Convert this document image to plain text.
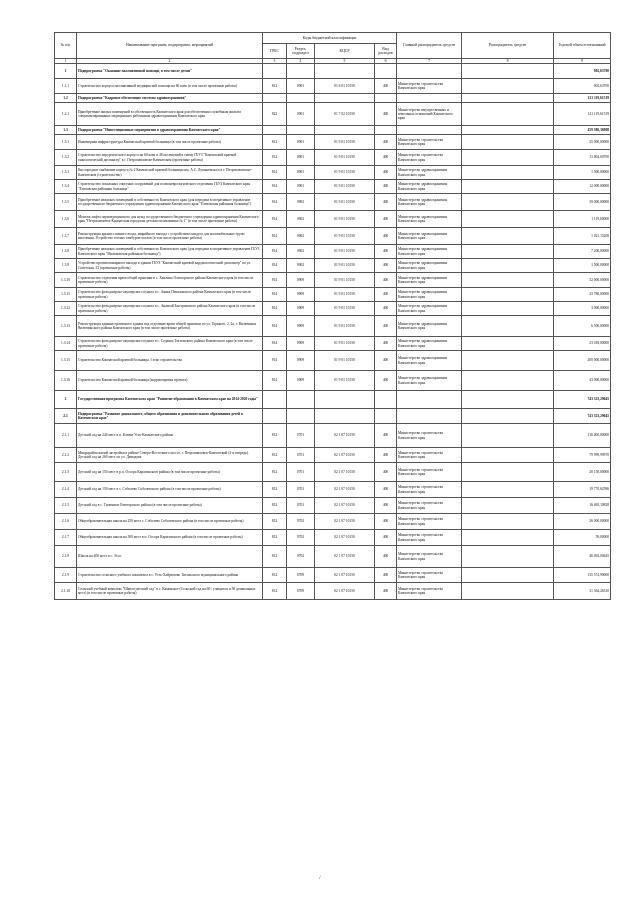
№ п/п	Наименование программ, подпрограмм, мероприятий	Коды бюджетной классификации				Главный распорядитель средств	Распорядитель средств	Годовой объем ассигнований
		ГРБС	Раздел, подраздел	КЦСР	Вид расходов			
1	2	3	4	5	6	7	8	9
1	Подпрограмма "Оказание паллиативной помощи, в том числе детям"							902,63700
1.1.1	Строительство корпуса паллиативной медицинской помощи на 60 коек (в том числе проектные работы)	812	0901	01 6 01 10150	400	Министерство строительства Камчатского края		902,63700
1.2	Подпрограмма "Кадровое обеспечение системы здравоохранения"							121 119,61519
1.2.1	Приобретение жилых помещений в собственность Камчатского края для обеспечения служебным жильем специализированных медицинских работников здравоохранения Камчатского края	822	0901	01 7 02 10150	400	Министерство имущественных и земельных отношений Камчатского края		121 119,61519
1.3	Подпрограмма "Инвестиционные мероприятия в здравоохранении Камчатского края"							459 386,36908
1.3.1	Инженерная инфраструктура Камчатской краевой больницы (в том числе проектные работы)	812	0901	01 9 01 10150	400	Министерство строительства Камчатского края		25 000,00000
1.3.2	Строительство хирургического корпуса на 60 коек и 48 посещений в смену ГБУЗ "Камчатский краевой онкологический диспансер" в г. Петропавловске-Камчатском (проектные работы)	812	0901	01 9 01 10150	400	Министерство строительства Камчатского края		13 804,60700
1.3.3	Кислородное снабжение корпуса № 2 Камчатской краевой больницы им. А.С. Лукашевского в г. Петропавловске-Камчатском (строительство)	814	0901	01 9 01 10150	400	Министерство здравоохранения Камчатского края		1 500,00000
1.3.4	Строительство локальных очистных сооружений для психоневрологического отделения ГБУЗ Камчатского края "Елизовская районная больница"	814	0901	01 9 01 10150	400	Министерство здравоохранения Камчатского края		12 000,00000
1.3.5	Приобретение нежилых помещений в собственность Камчатского края (для передачи в оперативное управление государственного бюджетного учреждения здравоохранения Камчатского края "Елизовская районная больница")	814	0902	01 9 01 10150	400	Министерство здравоохранения Камчатского края		39 000,00000
1.3.6	Монтаж лифта парамедицинского для нужд государственного бюджетного учреждения здравоохранения Камчатского края "Петропавловск-Камчатская городская детская поликлиника № 1" (в том числе проектные работы)	814	0902	01 9 01 10150	400	Министерство здравоохранения Камчатского края		1 119,60000
1.3.7	Реконструкция крыши главного входа, аварийного выхода с устройством пандуса для маломобильных групп населения. Устройство теплых тамбуров-холлов (в том числе проектные работы)	814	0902	01 9 01 10150	400	Министерство здравоохранения Камчатского края		1 021,15208
1.3.8	Приобретение нежилых помещений в собственность Камчатского края (для передачи в оперативное управление ГБУЗ Камчатского края "Мильковская районная больница")	814	0902	01 9 01 10150	400	Министерство здравоохранения Камчатского края		7 200,00000
1.3.9	Устройство противопожарного выхода в здании ГБУЗ "Камчатский краевой кардиологический диспансер" по ул. Советская, 32 (проектные работы)	814	0902	01 9 01 10150	400	Министерство здравоохранения Камчатского края		1 500,00000
1.3.10	Строительство отделения врача общей практики в с. Хаилино Олюторского района Камчатского края (в том числе проектные работы)	814	0909	01 9 01 10150	400	Министерство здравоохранения Камчатского края		32 000,00000
1.3.11	Строительство фельдшерско-акушерского пункта в с. Аянка Пенжинского района Камчатского края (в том числе проектные работы)	814	0909	01 9 01 10150	400	Министерство здравоохранения Камчатского края		23 780,00000
1.3.12	Строительство фельдшерско-акушерского пункта в с. Анавгай Быстринского района Камчатского края (в том числе проектные работы)	814	0909	01 9 01 10150	400	Министерство здравоохранения Камчатского края		3 000,00000
1.3.13	Реконструкция административного здания под отделение врача общей практики по ул. Горького, 2, 2а, г. Вилючинск Вилючинского района Камчатского края (в том числе проектные работы)	814	0909	01 9 01 10150	400	Министерство здравоохранения Камчатского края		6 500,00000
1.3.14	Строительство фельдшерско-акушерского пункта в с. Седанка Тигильского района Камчатского края (в том числе проектные работы)	814	0909	01 9 01 10150	400	Министерство здравоохранения Камчатского края		23 018,00000
1.3.15	Строительство Камчатской краевой больницы. I этап строительства	814	0909	01 9 01 10150	400	Министерство здравоохранения Камчатского края		200 000,00000
1.3.16	Строительство Камчатской краевой больницы (корректировка проекта)	814	0909	01 9 01 10150	400	Министерство здравоохранения Камчатского края		43 000,00000
2	Государственная программа Камчатского края "Развитие образования в Камчатском крае на 2014-2020 годы"							743 323,29645
2.1	Подпрограмма "Развитие дошкольного, общего образования и дополнительного образования детей в Камчатском крае"							743 323,29645
2.1.1	Детский сад на 240 мест в п. Ключи Усть-Камчатского района	812	0701	02 1 07 10150	400	Министерство строительства Камчатского края		116 200,00000
2.1.2	Микрорайон жилой застройки в районе Северо-Восточного шоссе, г. Петропавловск-Камчатский (2-я очередь). Детский сад на 260 мест по ул. Давыдова	812	0701	02 1 07 10150	400	Министерство строительства Камчатского края		79 999,99970
2.1.3	Детский сад на 150 мест в р.п. Оссора Карагинского района (в том числе проектные работы)	812	0701	02 1 07 10150	400	Министерство строительства Камчатского края		20 150,00000
2.1.4	Детский сад на 150 мест в с. Соболево Соболевского района (в том числе проектные работы)	812	0701	02 1 07 10150	400	Министерство строительства Камчатского края		19 770,62586
2.1.5	Детский сад в с. Тиличики Олюторского района (в том числе проектные работы)	812	0701	02 1 07 10150	400	Министерство строительства Камчатского края		16 465,10828
2.1.6	Общеобразовательная школа на 250 мест с. Соболево Соболевского района (в том числе проектные работы)	812	0702	02 1 07 10150	400	Министерство строительства Камчатского края		26 000,00000
2.1.7	Общеобразовательная школа на 300 мест в п. Оссора Карагинского района (в том числе проектные работы)	812	0702	02 1 07 10150	400	Министерство строительства Камчатского края		59,00000
2.1.8	Школа на 400 мест в с. Эссо	812	0702	02 1 07 10150	400	Министерство строительства Камчатского края		46 492,00645
2.1.9	Строительство сельского учебного комплекса в с. Усть-Хайрюзово Тигильского муниципального района	812	0709	02 1 07 10150	400	Министерство строительства Камчатского края		135 574,90000
2.1.10	Сельский учебный комплекс "Школа-детский сад" в с. Каменское (Сельский сад на 60 / учащихся и 50 дошкольных мест) (в том числе проектные работы)	812	0709	02 1 07 10150	400	Министерство строительства Камчатского края		31 364,26310
/
